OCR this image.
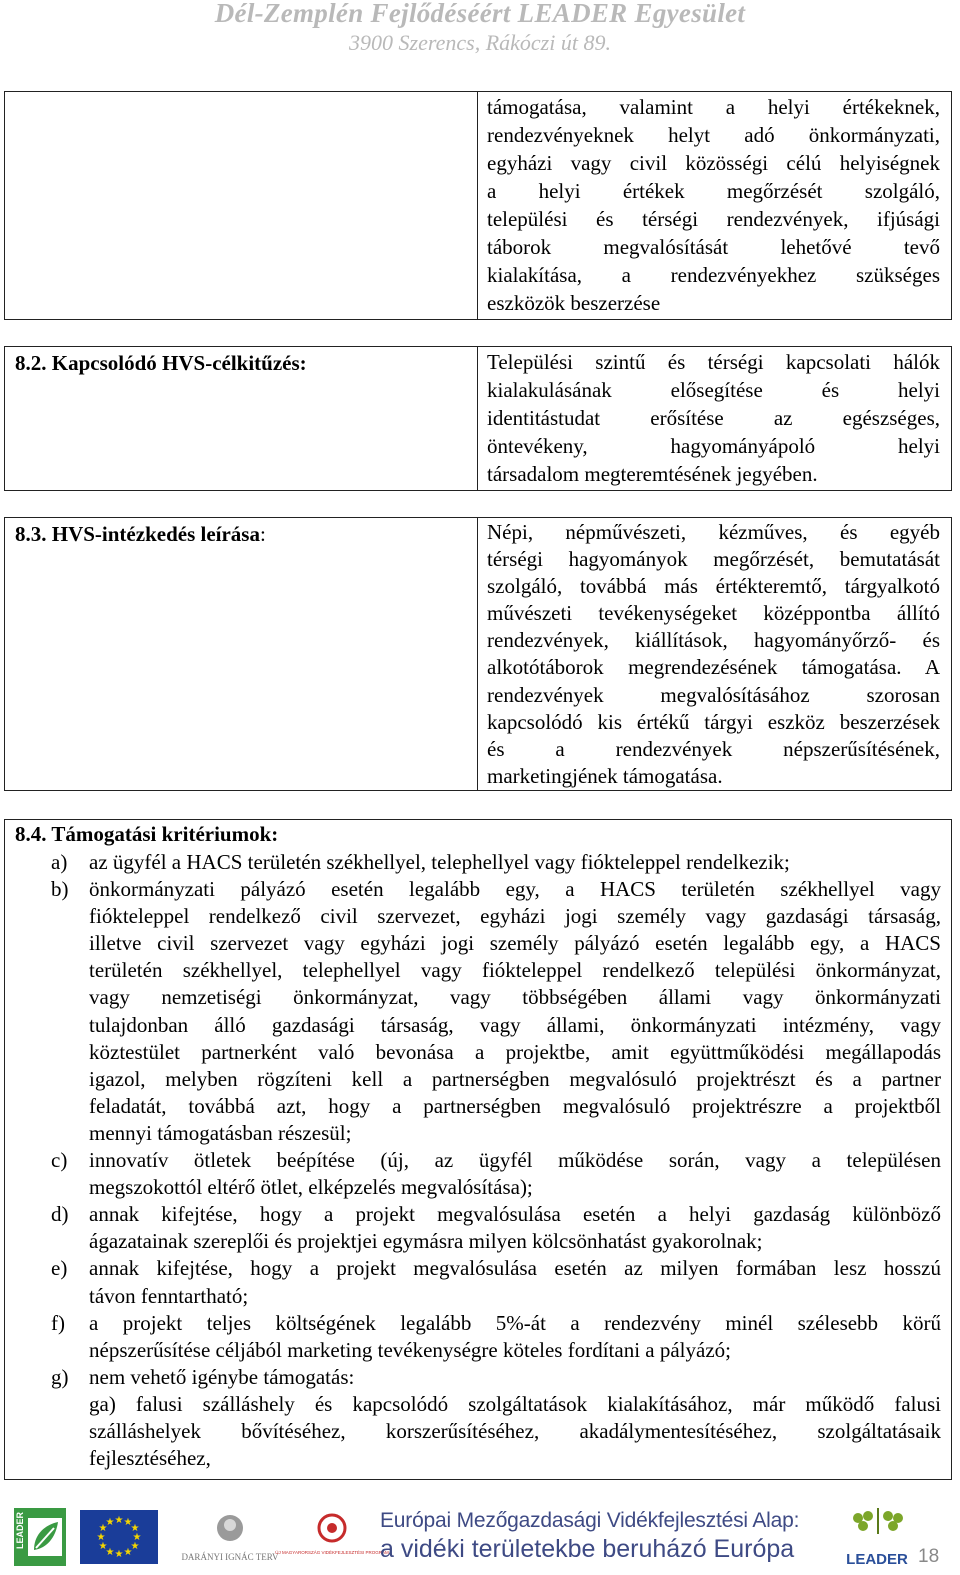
Dél-Zemplén Fejlődéséért LEADER Egyesület
3900 Szerencs, Rákóczi út 89.
támogatása, valamint a helyi értékeknek,
rendezvényeknek helyt adó önkormányzati,
egyházi vagy civil közösségi célú helyiségnek
a helyi értékek megőrzését szolgáló,
települési és térségi rendezvények, ifjúsági
táborok megvalósítását lehetővé tevő
kialakítása, a rendezvényekhez szükséges
eszközök beszerzése
8.2. Kapcsolódó HVS-célkitűzés:	Települési szintű és térségi kapcsolati hálók
kialakulásának elősegítése és helyi
identitástudat erősítése az egészséges,
öntevékeny, hagyományápoló helyi
társadalom megteremtésének jegyében.
8.3. HVS-intézkedés leírása:	Népi, népművészeti, kézműves, és egyéb
térségi hagyományok megőrzését, bemutatását
szolgáló, továbbá más értékteremtő, tárgyalkotó
művészeti tevékenységeket középpontba állító
rendezvények, kiállítások, hagyományőrző- és
alkotótáborok megrendezésének támogatása. A
rendezvények megvalósításához szorosan
kapcsolódó kis értékű tárgyi eszköz beszerzések
és a rendezvények népszerűsítésének,
marketingjének támogatása.
8.4. Támogatási kritériumok:
a) az ügyfél a HACS területén székhellyel, telephellyel vagy fiókteleppel rendelkezik;
b) önkormányzati pályázó esetén legalább egy, a HACS területén székhellyel vagy
fiókteleppel rendelkező civil szervezet, egyházi jogi személy vagy gazdasági társaság,
illetve civil szervezet vagy egyházi jogi személy pályázó esetén legalább egy, a HACS
területén székhellyel, telephellyel vagy fiókteleppel rendelkező települési önkormányzat,
vagy nemzetiségi önkormányzat, vagy többségében állami vagy önkormányzati
tulajdonban álló gazdasági társaság, vagy állami, önkormányzati intézmény, vagy
köztestület partnerként való bevonása a projektbe, amit együttműködési megállapodás
igazol, melyben rögzíteni kell a partnerségben megvalósuló projektrészt és a partner
feladatát, továbbá azt, hogy a partnerségben megvalósuló projektrészre a projektből
mennyi támogatásban részesül;
c) innovatív ötletek beépítése (új, az ügyfél működése során, vagy a településen
megszokottól eltérő ötlet, elképzelés megvalósítása);
d) annak kifejtése, hogy a projekt megvalósulása esetén a helyi gazdaság különböző
ágazatainak szereplői és projektjei egymásra milyen kölcsönhatást gyakorolnak;
e) annak kifejtése, hogy a projekt megvalósulása esetén az milyen formában lesz hosszú
távon fenntartható;
f) a projekt teljes költségének legalább 5%-át a rendezvény minél szélesebb körű
népszerűsítése céljából marketing tevékenységre köteles fordítani a pályázó;
g) nem vehető igénybe támogatás:
ga) falusi szálláshely és kapcsolódó szolgáltatások kialakításához, már működő falusi
szálláshelyek bővítéséhez, korszerűsítéséhez, akadálymentesítéséhez, szolgáltatásaik
fejlesztéséhez,
LEADER	★ ★
★
★
★
★
★
★
★
★
★
★
DARÁNYI IGNÁC TERV
ÚJ MAGYARORSZÁG VIDÉKFEJLESZTÉSI PROGRAM
Európai Mezőgazdasági Vidékfejlesztési Alap:
a vidéki területekbe beruházó Európa	LEADER 18
